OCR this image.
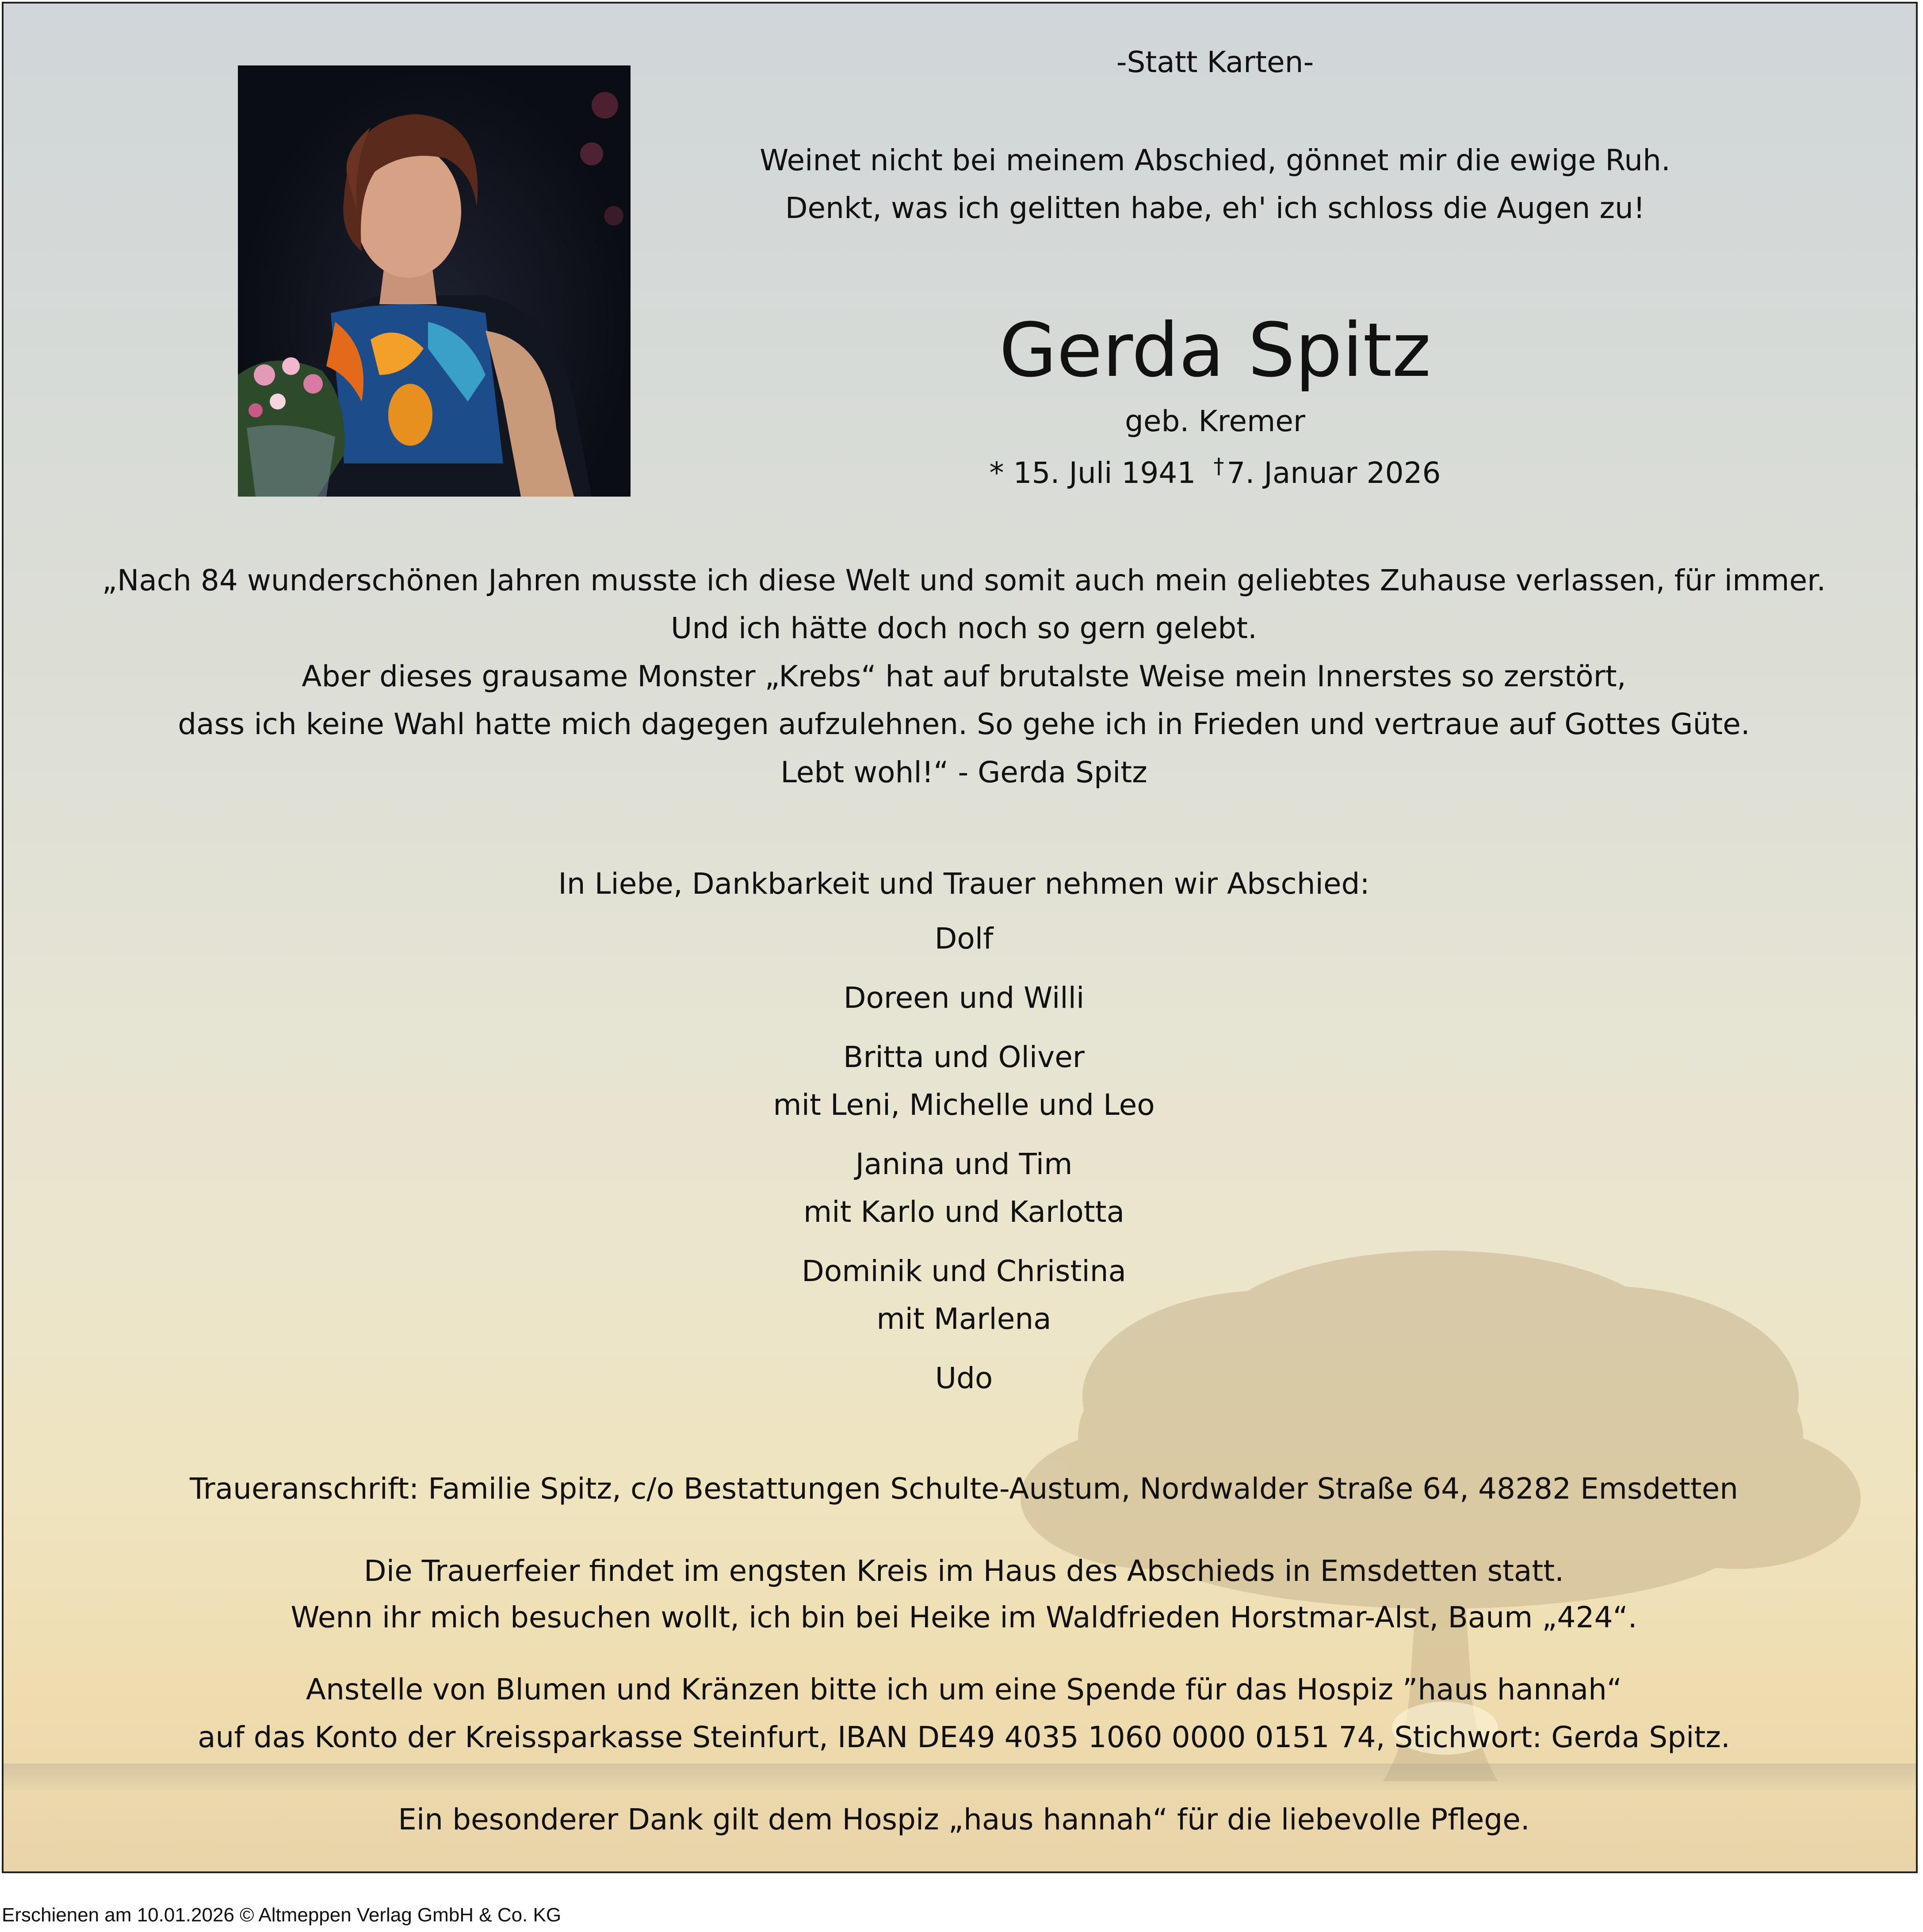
-Statt Karten-
Weinet nicht bei meinem Abschied, gönnet mir die ewige Ruh.
Denkt, was ich gelitten habe, eh' ich schloss die Augen zu!
Gerda Spitz
geb. Kremer
* 15. Juli 1941 †7. Januar 2026
„Nach 84 wunderschönen Jahren musste ich diese Welt und somit auch mein geliebtes Zuhause verlassen, für immer.
Und ich hätte doch noch so gern gelebt.
Aber dieses grausame Monster „Krebs“ hat auf brutalste Weise mein Innerstes so zerstört,
dass ich keine Wahl hatte mich dagegen aufzulehnen. So gehe ich in Frieden und vertraue auf Gottes Güte.
Lebt wohl!“ - Gerda Spitz
In Liebe, Dankbarkeit und Trauer nehmen wir Abschied:
Dolf
Doreen und Willi
Britta und Oliver
mit Leni, Michelle und Leo
Janina und Tim
mit Karlo und Karlotta
Dominik und Christina
mit Marlena
Udo
Traueranschrift: Familie Spitz, c/o Bestattungen Schulte-Austum, Nordwalder Straße 64, 48282 Emsdetten
Die Trauerfeier findet im engsten Kreis im Haus des Abschieds in Emsdetten statt.
Wenn ihr mich besuchen wollt, ich bin bei Heike im Waldfrieden Horstmar-Alst, Baum „424“.
Anstelle von Blumen und Kränzen bitte ich um eine Spende für das Hospiz ”haus hannah“
auf das Konto der Kreissparkasse Steinfurt, IBAN DE49 4035 1060 0000 0151 74, Stichwort: Gerda Spitz.
Ein besonderer Dank gilt dem Hospiz „haus hannah“ für die liebevolle Pflege.
Erschienen am 10.01.2026 © Altmeppen Verlag GmbH & Co. KG
